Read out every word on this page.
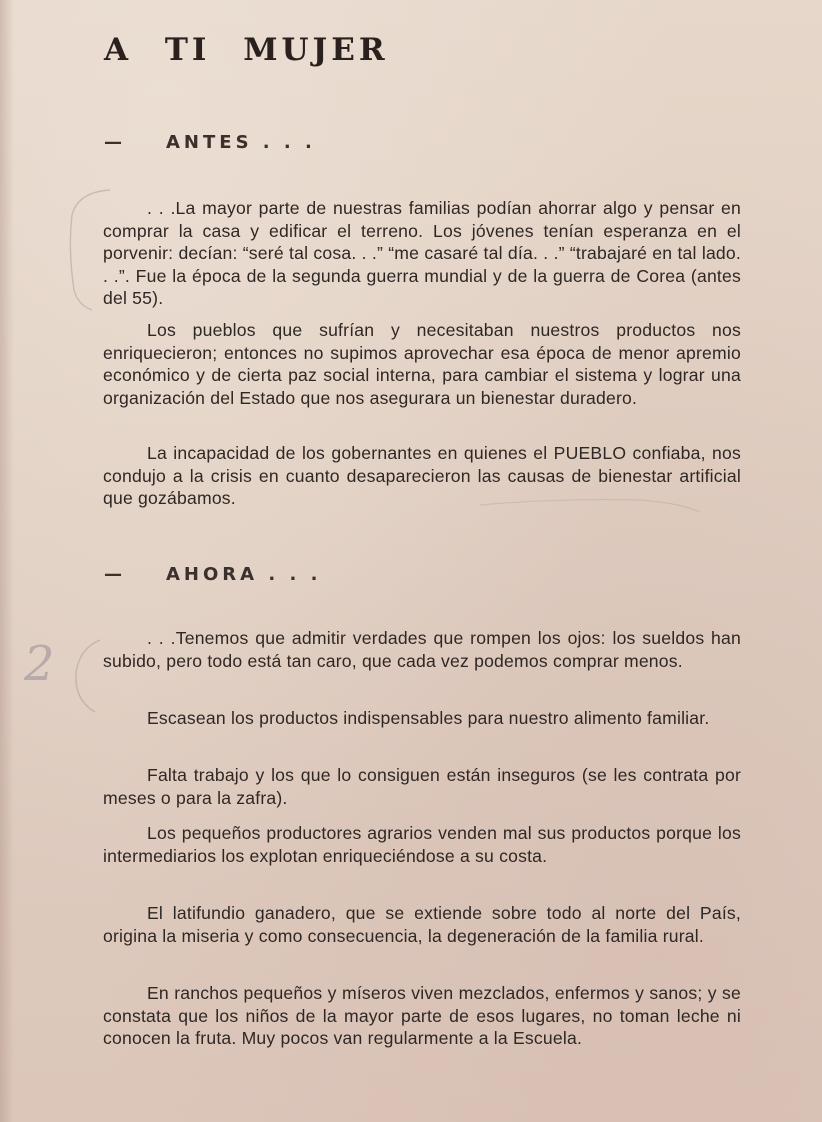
2
A TI MUJER
— ANTES . . .

. . .La mayor parte de nuestras familias podían ahorrar algo y pensar en comprar la casa y edificar el terreno. Los jóvenes tenían esperanza en el porvenir: decían: “seré tal cosa. . .” “me casaré tal día. . .” “trabajaré en tal lado. . .”. Fue la época de la segunda guerra mundial y de la guerra de Corea (antes del 55).

Los pueblos que sufrían y necesitaban nuestros productos nos enriquecieron; entonces no supimos aprovechar esa época de menor apremio económico y de cierta paz social interna, para cambiar el sistema y lograr una organización del Estado que nos asegurara un bienestar duradero.

La incapacidad de los gobernantes en quienes el PUEBLO confiaba, nos condujo a la crisis en cuanto desaparecieron las causas de bienestar artificial que gozábamos.

— AHORA . . .

. . .Tenemos que admitir verdades que rompen los ojos: los sueldos han subido, pero todo está tan caro, que cada vez podemos comprar menos.

Escasean los productos indispensables para nuestro alimento familiar.

Falta trabajo y los que lo consiguen están inseguros (se les contrata por meses o para la zafra).

Los pequeños productores agrarios venden mal sus productos porque los intermediarios los explotan enriqueciéndose a su costa.

El latifundio ganadero, que se extiende sobre todo al norte del País, origina la miseria y como consecuencia, la degeneración de la familia rural.

En ranchos pequeños y míseros viven mezclados, enfermos y sanos; y se constata que los niños de la mayor parte de esos lugares, no toman leche ni conocen la fruta. Muy pocos van regularmente a la Escuela.
